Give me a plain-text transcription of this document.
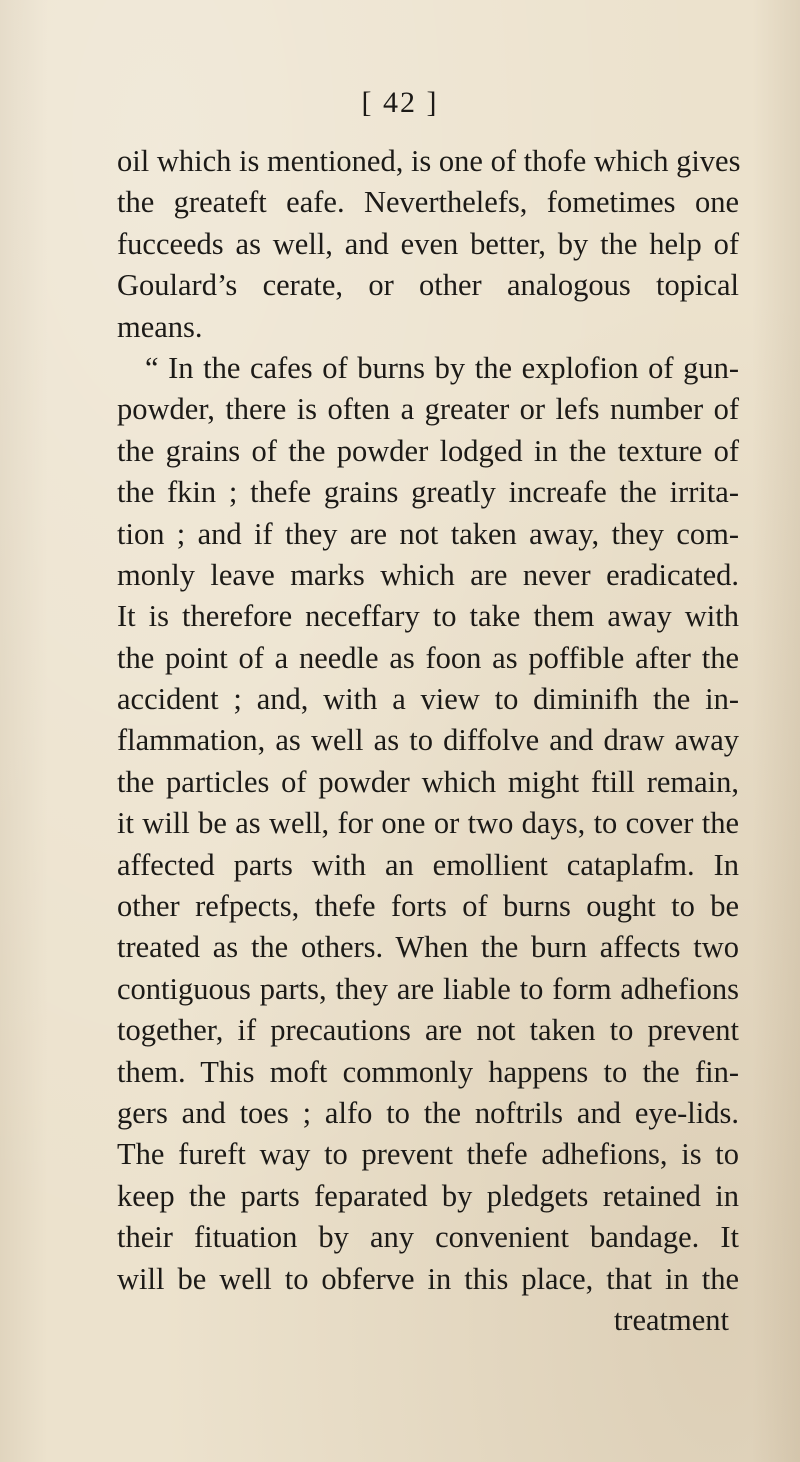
[ 42 ]
oil which is mentioned, is one of thofe which gives
the greateft eafe. Neverthelefs, fometimes one
fucceeds as well, and even better, by the help of
Goulard’s cerate, or other analogous topical
means.
“ In the cafes of burns by the explofion of gun-
powder, there is often a greater or lefs number of
the grains of the powder lodged in the texture of
the fkin ; thefe grains greatly increafe the irrita-
tion ; and if they are not taken away, they com-
monly leave marks which are never eradicated.
It is therefore neceffary to take them away with
the point of a needle as foon as poffible after the
accident ; and, with a view to diminifh the in-
flammation, as well as to diffolve and draw away
the particles of powder which might ftill remain,
it will be as well, for one or two days, to cover the
affected parts with an emollient cataplafm. In
other refpects, thefe forts of burns ought to be
treated as the others. When the burn affects two
contiguous parts, they are liable to form adhefions
together, if precautions are not taken to prevent
them. This moft commonly happens to the fin-
gers and toes ; alfo to the noftrils and eye-lids.
The fureft way to prevent thefe adhefions, is to
keep the parts feparated by pledgets retained in
their fituation by any convenient bandage. It
will be well to obferve in this place, that in the
treatment
